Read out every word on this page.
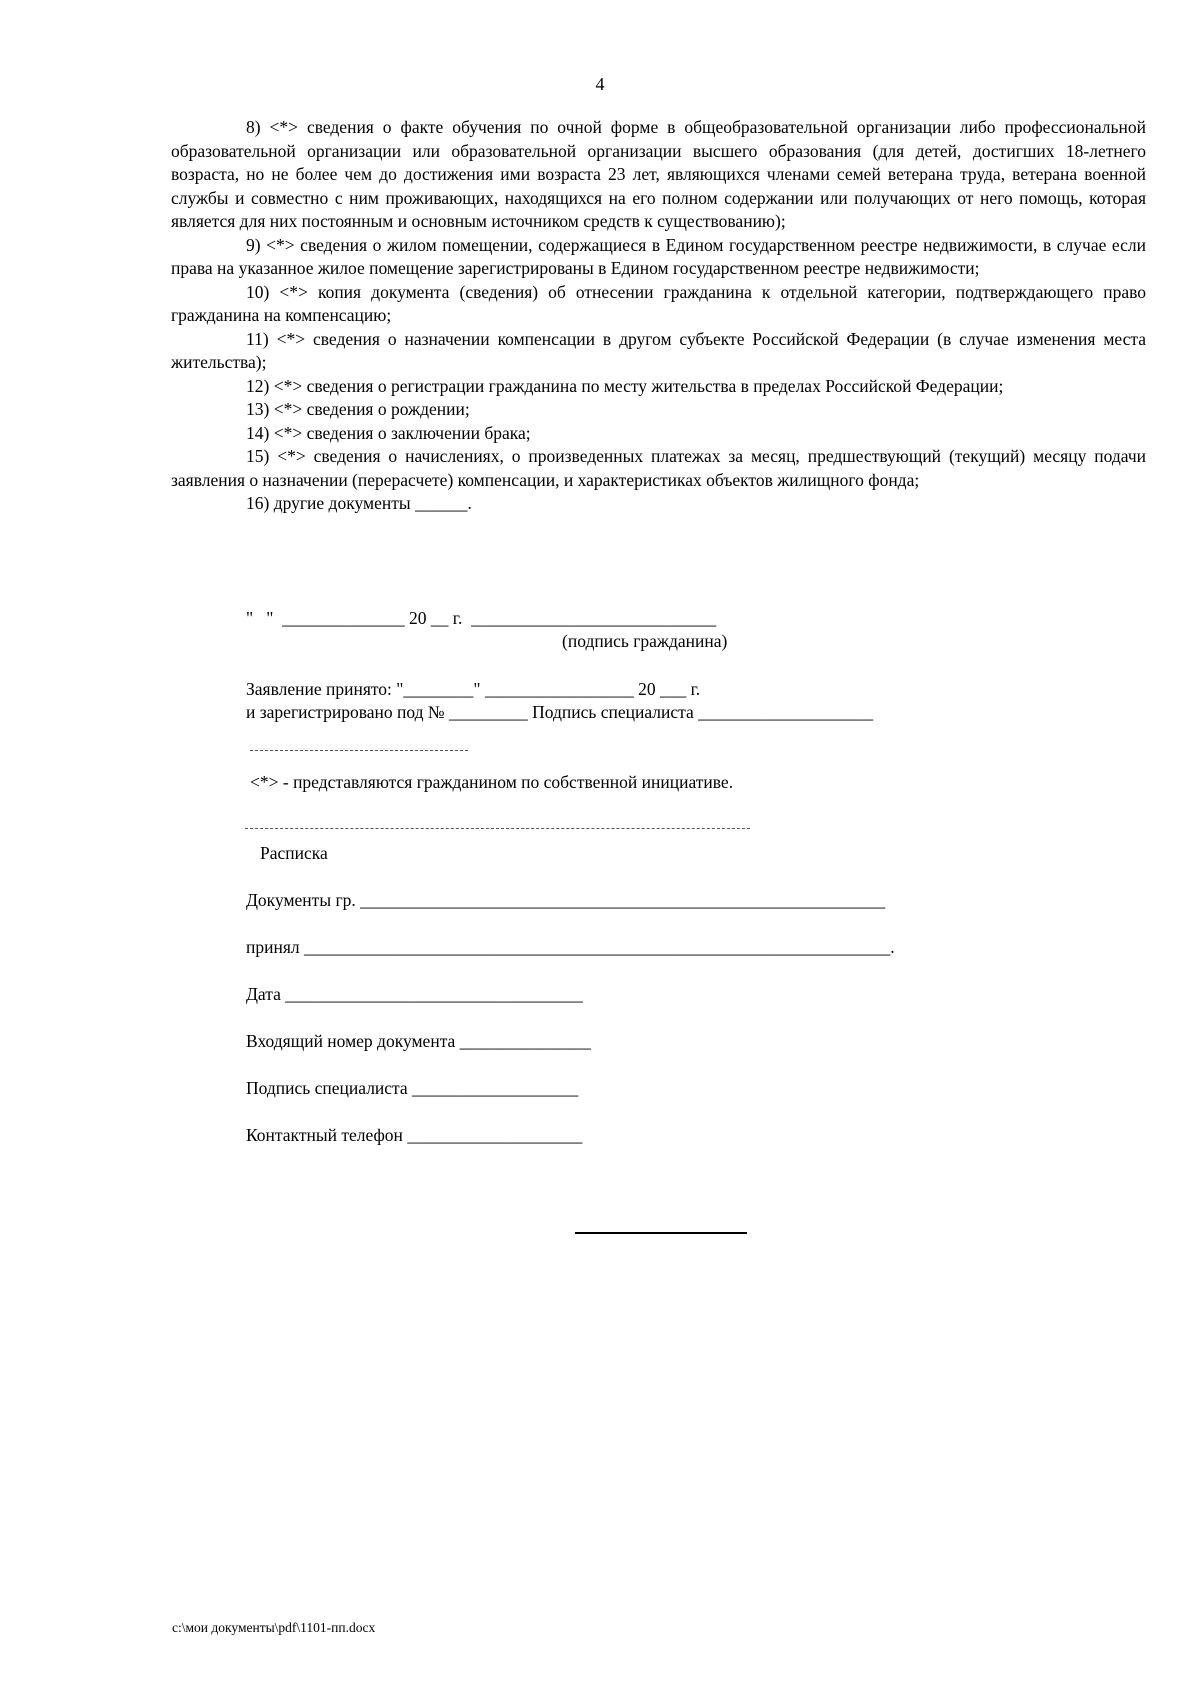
4

8) <*> сведения о факте обучения по очной форме в общеобразовательной организации либо профессиональной образовательной организации или образовательной организации высшего образования (для детей, достигших 18-летнего возраста, но не более чем до достижения ими возраста 23 лет, являющихся членами семей ветерана труда, ветерана военной службы и совместно с ним проживающих, находящихся на его полном содержании или получающих от него помощь, которая является для них постоянным и основным источником средств к существованию);

9) <*> сведения о жилом помещении, содержащиеся в Едином государственном реестре недвижимости, в случае если права на указанное жилое помещение зарегистрированы в Едином государственном реестре недвижимости;

10) <*> копия документа (сведения) об отнесении гражданина к отдельной категории, подтверждающего право гражданина на компенсацию;

11) <*> сведения о назначении компенсации в другом субъекте Российской Федерации (в случае изменения места жительства);

12) <*> сведения о регистрации гражданина по месту жительства в пределах Российской Федерации;

13) <*> сведения о рождении;

14) <*> сведения о заключении брака;

15) <*> сведения о начислениях, о произведенных платежах за месяц, предшествующий (текущий) месяцу подачи заявления о назначении (перерасчете) компенсации, и характеристиках объектов жилищного фонда;

16) другие документы ______.

"   "  ______________ 20 __ г.  ____________________________
(подпись гражданина)
Заявление принято: "________" _________________ 20 ___ г.
и зарегистрировано под № _________ Подпись специалиста ____________________
<*> - представляются гражданином по собственной инициативе.
Расписка
Документы гр. ____________________________________________________________
принял ___________________________________________________________________.
Дата __________________________________
Входящий номер документа _______________
Подпись специалиста ___________________
Контактный телефон ____________________
c:\мои документы\pdf\1101-пп.docx
